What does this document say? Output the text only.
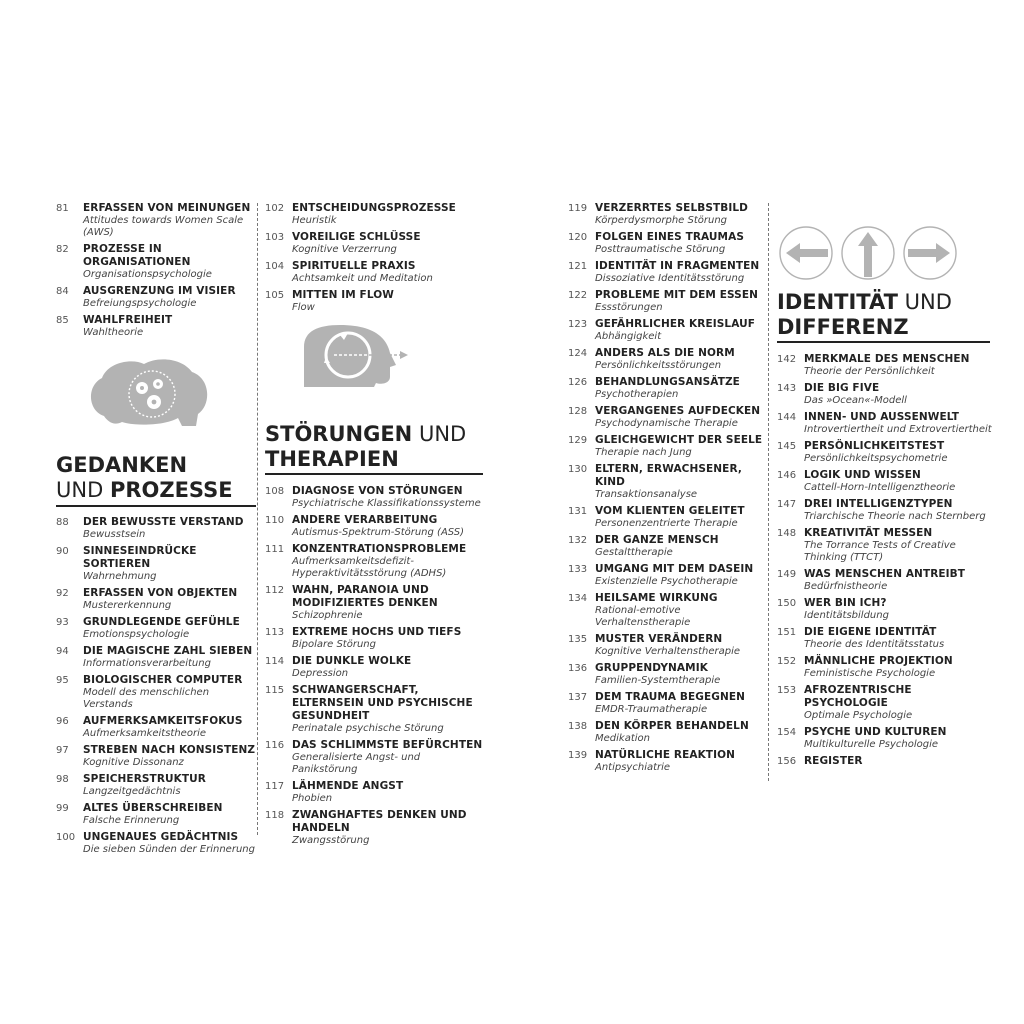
81 ERFASSEN VON MEINUNGEN
Attitudes towards Women Scale (AWS)
82 PROZESSE IN ORGANISATIONEN
Organisationspsychologie
84 AUSGRENZUNG IM VISIER
Befreiungspsychologie
85 WAHLFREIHEIT
Wahltheorie
GEDANKEN
UND PROZESSE
88 DER BEWUSSTE VERSTAND
Bewusstsein
90 SINNESEINDRÜCKE SORTIEREN
Wahrnehmung
92 ERFASSEN VON OBJEKTEN
Mustererkennung
93 GRUNDLEGENDE GEFÜHLE
Emotionspsychologie
94 DIE MAGISCHE ZAHL SIEBEN
Informationsverarbeitung
95 BIOLOGISCHER COMPUTER
Modell des menschlichen Verstands
96 AUFMERKSAMKEITSFOKUS
Aufmerksamkeitstheorie
97 STREBEN NACH KONSISTENZ
Kognitive Dissonanz
98 SPEICHERSTRUKTUR
Langzeitgedächtnis
99 ALTES ÜBERSCHREIBEN
Falsche Erinnerung
100 UNGENAUES GEDÄCHTNIS
Die sieben Sünden der Erinnerung
102 ENTSCHEIDUNGSPROZESSE
Heuristik
103 VOREILIGE SCHLÜSSE
Kognitive Verzerrung
104 SPIRITUELLE PRAXIS
Achtsamkeit und Meditation
105 MITTEN IM FLOW
Flow
STÖRUNGEN UND
THERAPIEN
108 DIAGNOSE VON STÖRUNGEN
Psychiatrische Klassifikationssysteme
110 ANDERE VERARBEITUNG
Autismus-Spektrum-Störung (ASS)
111 KONZENTRATIONSPROBLEME
Aufmerksamkeitsdefizit-Hyperaktivitätsstörung (ADHS)
112 WAHN, PARANOIA UND MODIFIZIERTES DENKEN
Schizophrenie
113 EXTREME HOCHS UND TIEFS
Bipolare Störung
114 DIE DUNKLE WOLKE
Depression
115 SCHWANGERSCHAFT, ELTERNSEIN UND PSYCHISCHE GESUNDHEIT
Perinatale psychische Störung
116 DAS SCHLIMMSTE BEFÜRCHTEN
Generalisierte Angst- und Panikstörung
117 LÄHMENDE ANGST
Phobien
118 ZWANGHAFTES DENKEN UND HANDELN
Zwangsstörung
119 VERZERRTES SELBSTBILD
Körperdysmorphe Störung
120 FOLGEN EINES TRAUMAS
Posttraumatische Störung
121 IDENTITÄT IN FRAGMENTEN
Dissoziative Identitätsstörung
122 PROBLEME MIT DEM ESSEN
Essstörungen
123 GEFÄHRLICHER KREISLAUF
Abhängigkeit
124 ANDERS ALS DIE NORM
Persönlichkeitsstörungen
126 BEHANDLUNGSANSÄTZE
Psychotherapien
128 VERGANGENES AUFDECKEN
Psychodynamische Therapie
129 GLEICHGEWICHT DER SEELE
Therapie nach Jung
130 ELTERN, ERWACHSENER, KIND
Transaktionsanalyse
131 VOM KLIENTEN GELEITET
Personenzentrierte Therapie
132 DER GANZE MENSCH
Gestalttherapie
133 UMGANG MIT DEM DASEIN
Existenzielle Psychotherapie
134 HEILSAME WIRKUNG
Rational-emotive Verhaltenstherapie
135 MUSTER VERÄNDERN
Kognitive Verhaltenstherapie
136 GRUPPENDYNAMIK
Familien-Systemtherapie
137 DEM TRAUMA BEGEGNEN
EMDR-Traumatherapie
138 DEN KÖRPER BEHANDELN
Medikation
139 NATÜRLICHE REAKTION
Antipsychiatrie
IDENTITÄT UND
DIFFERENZ
142 MERKMALE DES MENSCHEN
Theorie der Persönlichkeit
143 DIE BIG FIVE
Das »Ocean«-Modell
144 INNEN- UND AUSSENWELT
Introvertiertheit und Extrovertiertheit
145 PERSÖNLICHKEITSTEST
Persönlichkeitspsychometrie
146 LOGIK UND WISSEN
Cattell-Horn-Intelligenztheorie
147 DREI INTELLIGENZTYPEN
Triarchische Theorie nach Sternberg
148 KREATIVITÄT MESSEN
The Torrance Tests of Creative Thinking (TTCT)
149 WAS MENSCHEN ANTREIBT
Bedürfnistheorie
150 WER BIN ICH?
Identitätsbildung
151 DIE EIGENE IDENTITÄT
Theorie des Identitätsstatus
152 MÄNNLICHE PROJEKTION
Feministische Psychologie
153 AFROZENTRISCHE PSYCHOLOGIE
Optimale Psychologie
154 PSYCHE UND KULTUREN
Multikulturelle Psychologie
156 REGISTER
